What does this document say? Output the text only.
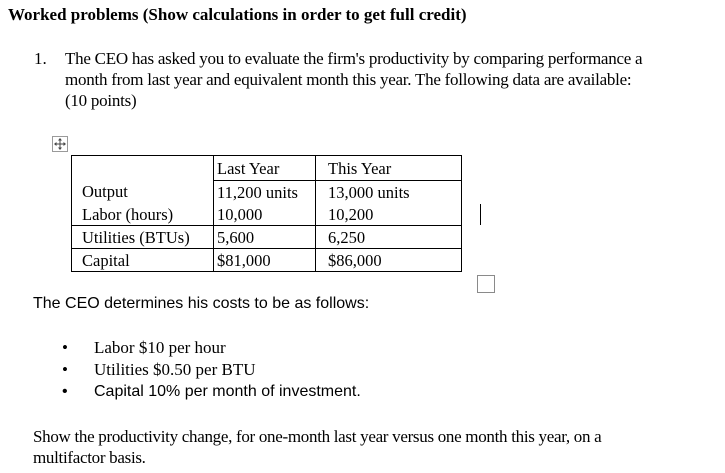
Worked problems (Show calculations in order to get full credit)
1. The CEO has asked you to evaluate the firm's productivity by comparing performance a
month from last year and equivalent month this year. The following data are available:
(10 points)
	Last Year	This Year
Output	11,200 units	13,000 units
Labor (hours)	10,000	10,200
Utilities (BTUs)	5,600	6,250
Capital	$81,000	$86,000
The CEO determines his costs to be as follows:
• Labor $10 per hour
• Utilities $0.50 per BTU
• Capital 10% per month of investment.
Show the productivity change, for one-month last year versus one month this year, on a
multifactor basis.
